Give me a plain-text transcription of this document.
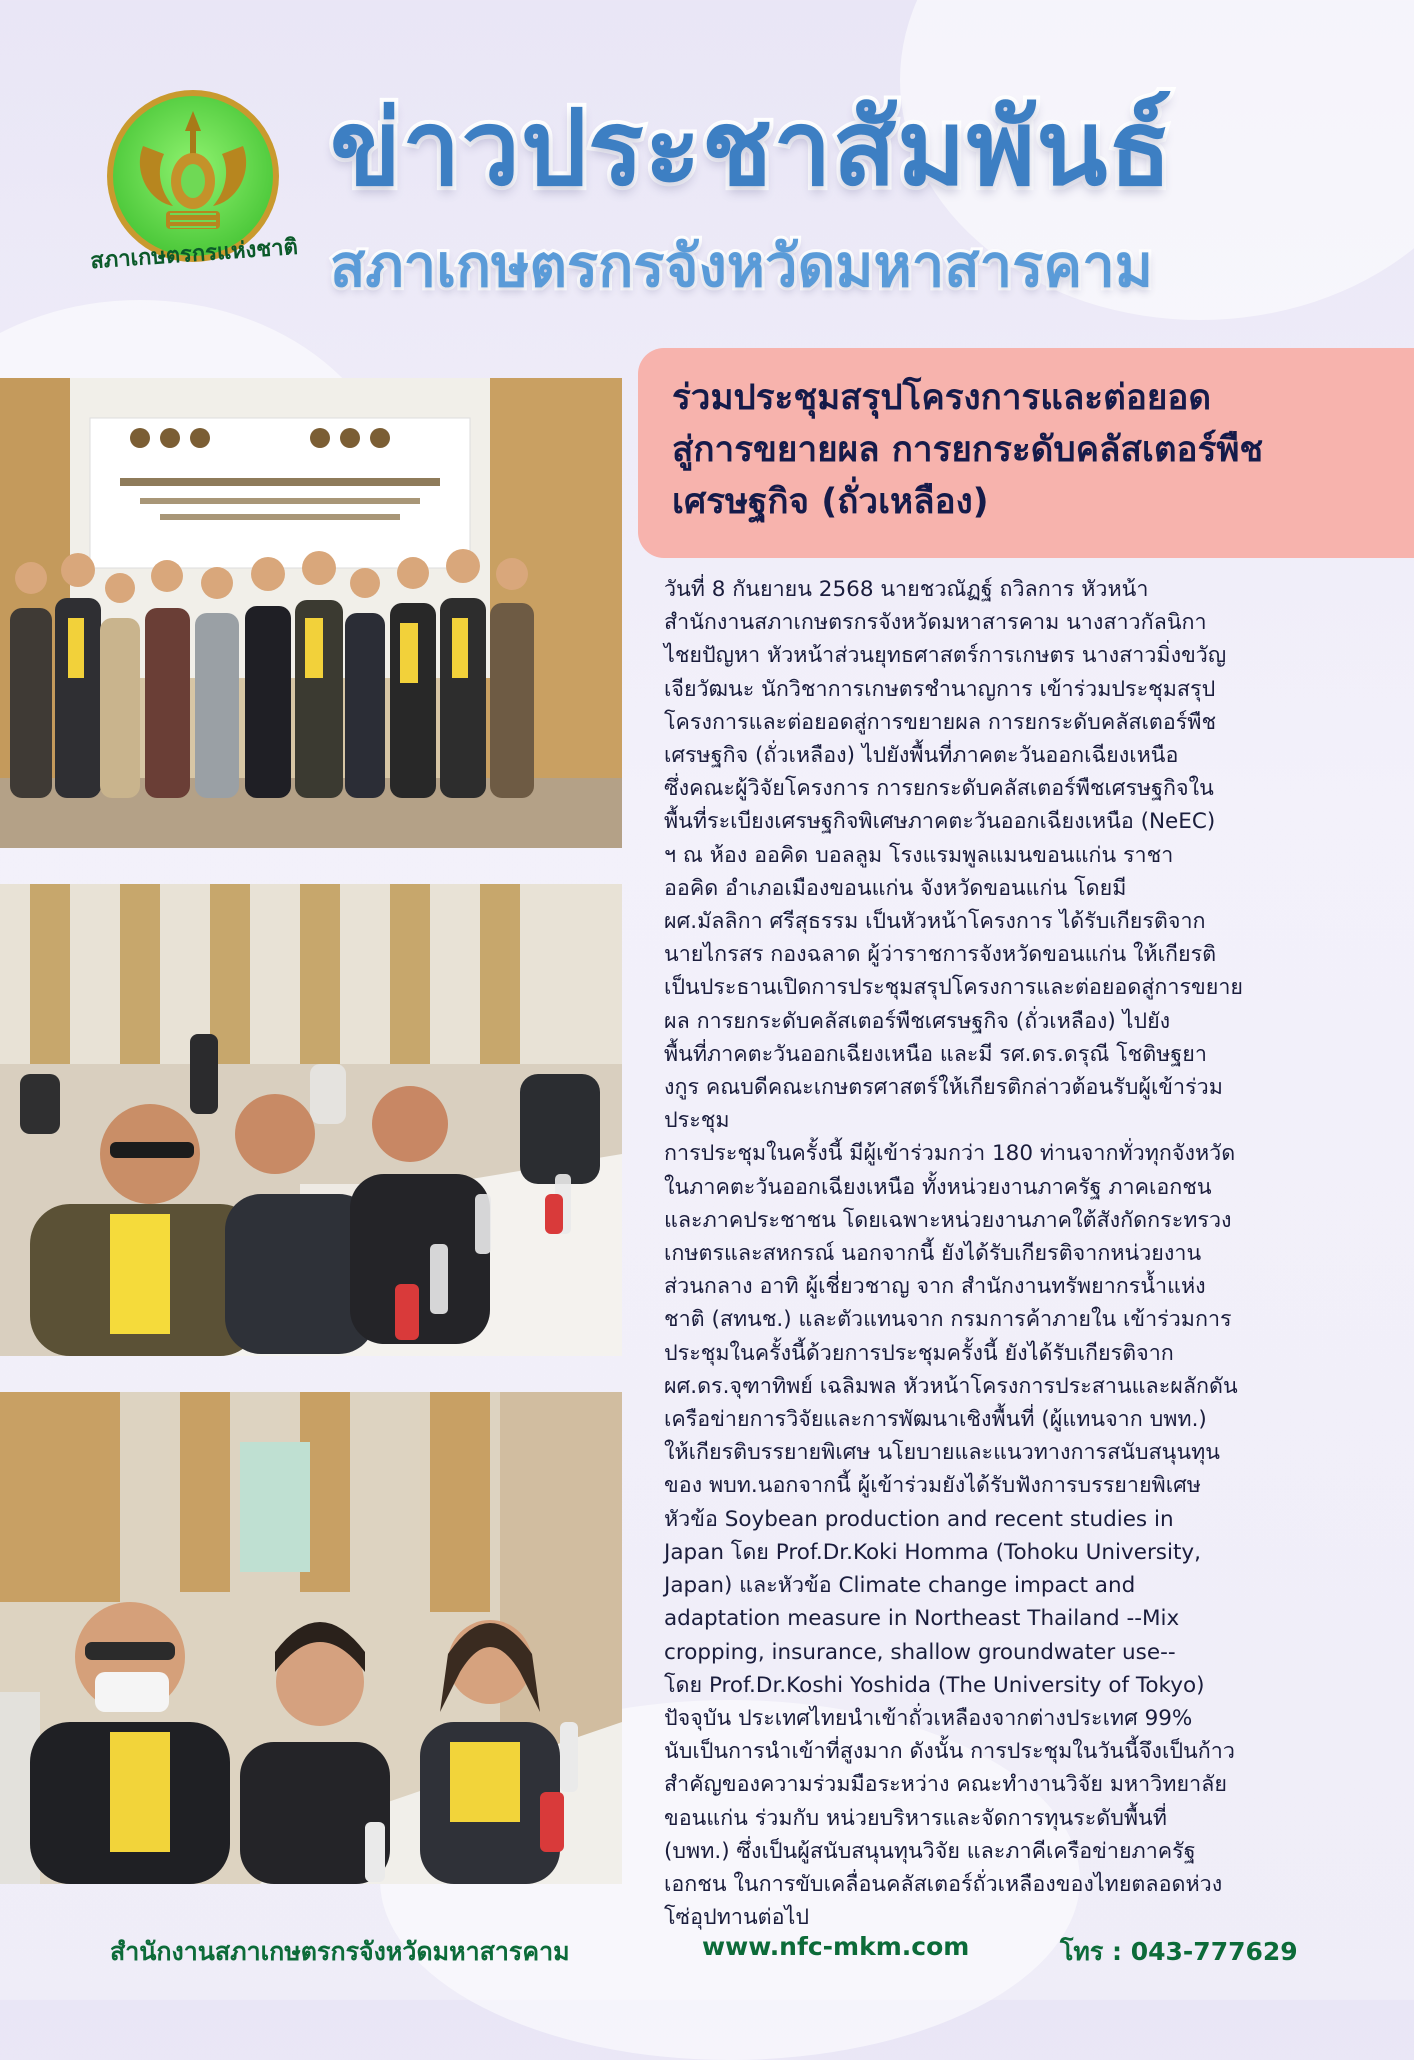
สภาเกษตรกรแห่งชาติ
ข่าวประชาสัมพันธ์
สภาเกษตรกรจังหวัดมหาสารคาม
ร่วมประชุมสรุปโครงการและต่อยอด
สู่การขยายผล การยกระดับคลัสเตอร์พืช
เศรษฐกิจ (ถั่วเหลือง)
วันที่ 8 กันยายน 2568 นายชวณัฏฐ์ ถวิลการ หัวหน้า
สำนักงานสภาเกษตรกรจังหวัดมหาสารคาม นางสาวกัลนิกา
ไชยปัญหา หัวหน้าส่วนยุทธศาสตร์การเกษตร นางสาวมิ่งขวัญ
เจียวัฒนะ นักวิชาการเกษตรชำนาญการ เข้าร่วมประชุมสรุป
โครงการและต่อยอดสู่การขยายผล การยกระดับคลัสเตอร์พืช
เศรษฐกิจ (ถั่วเหลือง) ไปยังพื้นที่ภาคตะวันออกเฉียงเหนือ
ซึ่งคณะผู้วิจัยโครงการ การยกระดับคลัสเตอร์พืชเศรษฐกิจใน
พื้นที่ระเบียงเศรษฐกิจพิเศษภาคตะวันออกเฉียงเหนือ (NeEC)
ฯ ณ ห้อง ออคิด บอลลูม โรงแรมพูลแมนขอนแก่น ราชา
ออคิด อำเภอเมืองขอนแก่น จังหวัดขอนแก่น โดยมี
ผศ.มัลลิกา ศรีสุธรรม เป็นหัวหน้าโครงการ ได้รับเกียรติจาก
นายไกรสร กองฉลาด ผู้ว่าราชการจังหวัดขอนแก่น ให้เกียรติ
เป็นประธานเปิดการประชุมสรุปโครงการและต่อยอดสู่การขยาย
ผล การยกระดับคลัสเตอร์พืชเศรษฐกิจ (ถั่วเหลือง) ไปยัง
พื้นที่ภาคตะวันออกเฉียงเหนือ และมี รศ.ดร.ดรุณี โชติษฐยา
งกูร คณบดีคณะเกษตรศาสตร์ให้เกียรติกล่าวต้อนรับผู้เข้าร่วม
ประชุม
การประชุมในครั้งนี้ มีผู้เข้าร่วมกว่า 180 ท่านจากทั่วทุกจังหวัด
ในภาคตะวันออกเฉียงเหนือ ทั้งหน่วยงานภาครัฐ ภาคเอกชน
และภาคประชาชน โดยเฉพาะหน่วยงานภาคใต้สังกัดกระทรวง
เกษตรและสหกรณ์ นอกจากนี้ ยังได้รับเกียรติจากหน่วยงาน
ส่วนกลาง อาทิ ผู้เชี่ยวชาญ จาก สำนักงานทรัพยากรน้ำแห่ง
ชาติ (สทนช.) และตัวแทนจาก กรมการค้าภายใน เข้าร่วมการ
ประชุมในครั้งนี้ด้วยการประชุมครั้งนี้ ยังได้รับเกียรติจาก
ผศ.ดร.จุฑาทิพย์ เฉลิมพล หัวหน้าโครงการประสานและผลักดัน
เครือข่ายการวิจัยและการพัฒนาเชิงพื้นที่ (ผู้แทนจาก บพท.)
ให้เกียรติบรรยายพิเศษ นโยบายและแนวทางการสนับสนุนทุน
ของ พบท.นอกจากนี้ ผู้เข้าร่วมยังได้รับฟังการบรรยายพิเศษ
หัวข้อ Soybean production and recent studies in
Japan โดย Prof.Dr.Koki Homma (Tohoku University,
Japan) และหัวข้อ Climate change impact and
adaptation measure in Northeast Thailand --Mix
cropping, insurance, shallow groundwater use--
โดย Prof.Dr.Koshi Yoshida (The University of Tokyo)
ปัจจุบัน ประเทศไทยนำเข้าถั่วเหลืองจากต่างประเทศ 99%
นับเป็นการนำเข้าที่สูงมาก ดังนั้น การประชุมในวันนี้จึงเป็นก้าว
สำคัญของความร่วมมือระหว่าง คณะทำงานวิจัย มหาวิทยาลัย
ขอนแก่น ร่วมกับ หน่วยบริหารและจัดการทุนระดับพื้นที่
(บพท.) ซึ่งเป็นผู้สนับสนุนทุนวิจัย และภาคีเครือข่ายภาครัฐ
เอกชน ในการขับเคลื่อนคลัสเตอร์ถั่วเหลืองของไทยตลอดห่วง
โซ่อุปทานต่อไป
สำนักงานสภาเกษตรกรจังหวัดมหาสารคาม	www.nfc-mkm.com	โทร : 043-777629
